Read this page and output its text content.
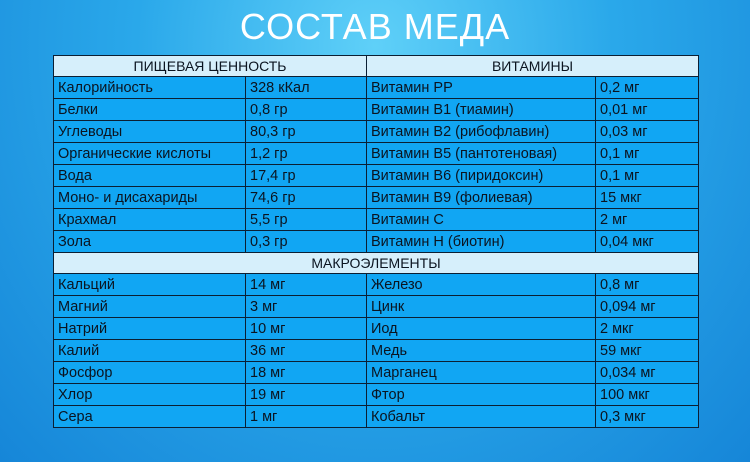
СОСТАВ МЕДА
ПИЩЕВАЯ ЦЕННОСТЬ		ВИТАМИНЫ	
Калорийность	328 кКал	Витамин PP	0,2 мг
Белки	0,8 гр	Витамин B1 (тиамин)	0,01 мг
Углеводы	80,3 гр	Витамин B2 (рибофлавин)	0,03 мг
Органические кислоты	1,2 гр	Витамин B5 (пантотеновая)	0,1 мг
Вода	17,4 гр	Витамин B6 (пиридоксин)	0,1 мг
Моно- и дисахариды	74,6 гр	Витамин B9 (фолиевая)	15 мкг
Крахмал	5,5 гр	Витамин C	2 мг
Зола	0,3 гр	Витамин H (биотин)	0,04 мкг
МАКРОЭЛЕМЕНТЫ			
Кальций	14 мг	Железо	0,8 мг
Магний	3 мг	Цинк	0,094 мг
Натрий	10 мг	Иод	2 мкг
Калий	36 мг	Медь	59 мкг
Фосфор	18 мг	Марганец	0,034 мг
Хлор	19 мг	Фтор	100 мкг
Сера	1 мг	Кобальт	0,3 мкг
